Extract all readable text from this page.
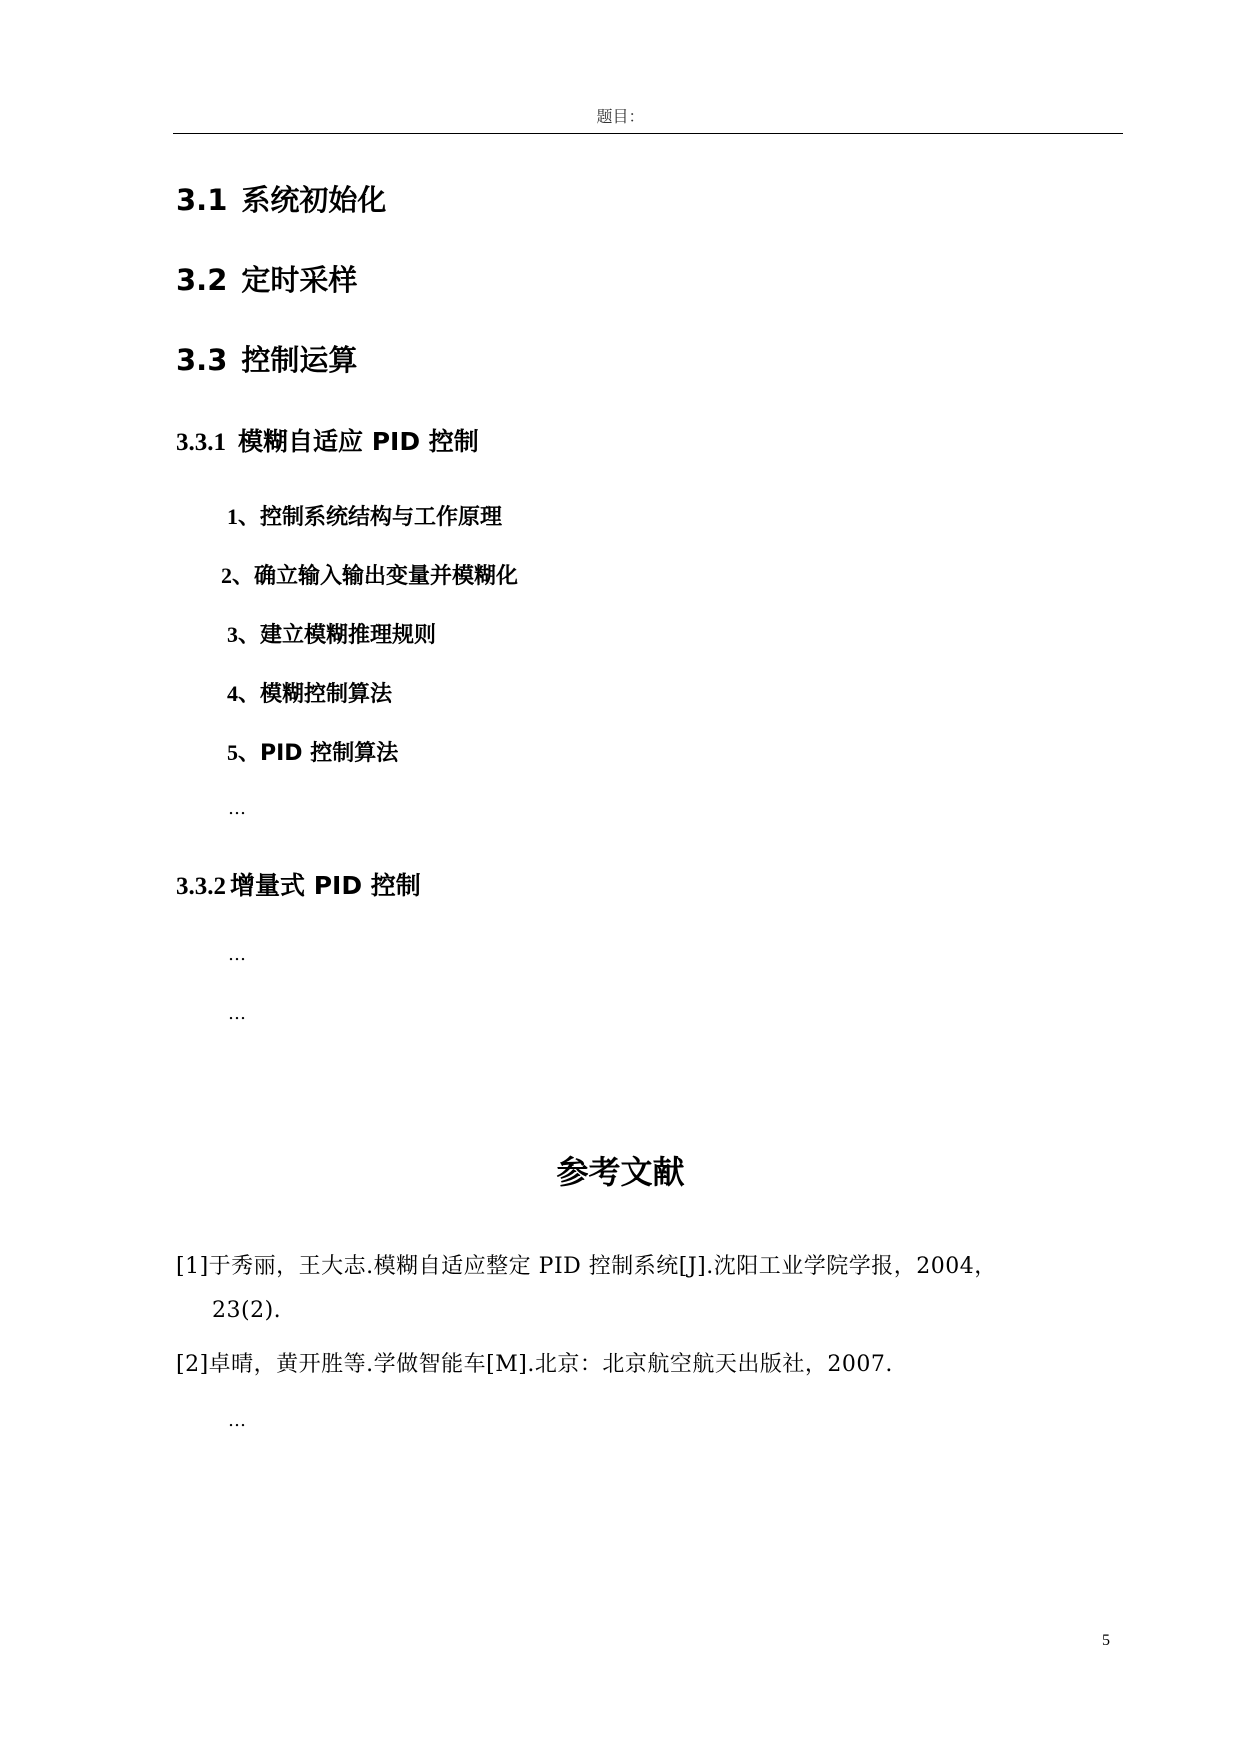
题目：
3.1 系统初始化
3.2 定时采样
3.3 控制运算
3.3.1 模糊自适应 PID 控制
1、控制系统结构与工作原理
2、确立输入输出变量并模糊化
3、建立模糊推理规则
4、模糊控制算法
5、PID 控制算法
…
3.3.2 增量式 PID 控制
…
…
参考文献
[1]于秀丽，王大志.模糊自适应整定 PID 控制系统[J].沈阳工业学院学报，2004，
23(2).
[2]卓晴，黄开胜等.学做智能车[M].北京：北京航空航天出版社，2007.
…
5
